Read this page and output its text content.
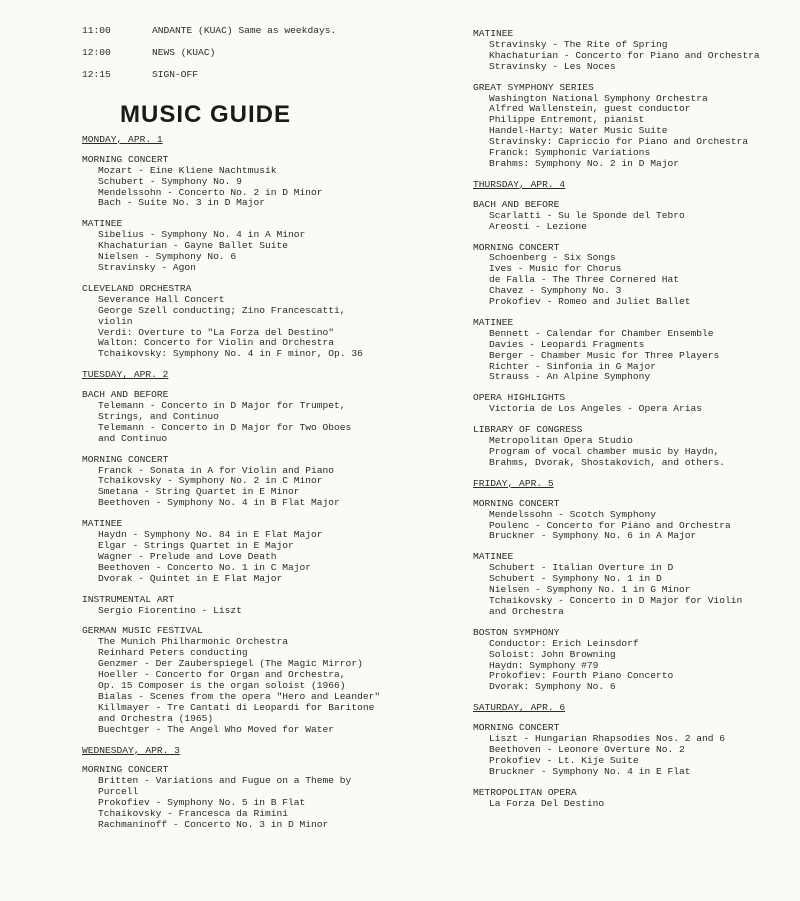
11:00	ANDANTE (KUAC) Same as weekdays.
12:00	NEWS (KUAC)
12:15	SIGN-OFF
MUSIC GUIDE
MONDAY, APR. 1
MORNING CONCERT
Mozart - Eine Kliene Nachtmusik
Schubert - Symphony No. 9
Mendelssohn - Concerto No. 2 in D Minor
Bach - Suite No. 3 in D Major
MATINEE
Sibelius - Symphony No. 4 in A Minor
Khachaturian - Gayne Ballet Suite
Nielsen - Symphony No. 6
Stravinsky - Agon
CLEVELAND ORCHESTRA
Severance Hall Concert
George Szell conducting; Zino Francescatti, violin
Verdi: Overture to "La Forza del Destino"
Walton: Concerto for Violin and Orchestra
Tchaikovsky: Symphony No. 4 in F minor, Op. 36
TUESDAY, APR. 2
BACH AND BEFORE
Telemann - Concerto in D Major for Trumpet,
Strings, and Continuo
Telemann - Concerto in D Major for Two Oboes
and Continuo
MORNING CONCERT
Franck - Sonata in A for Violin and Piano
Tchaikovsky - Symphony No. 2 in C Minor
Smetana - String Quartet in E Minor
Beethoven - Symphony No. 4 in B Flat Major
MATINEE
Haydn - Symphony No. 84 in E Flat Major
Elgar - Strings Quartet in E Major
Wagner - Prelude and Love Death
Beethoven - Concerto No. 1 in C Major
Dvorak - Quintet in E Flat Major
INSTRUMENTAL ART
Sergio Fiorentino - Liszt
GERMAN MUSIC FESTIVAL
The Munich Philharmonic Orchestra
Reinhard Peters conducting
Genzmer - Der Zauberspiegel (The Magic Mirror)
Hoeller - Concerto for Organ and Orchestra,
Op. 15 Composer is the organ soloist (1966)
Bialas - Scenes from the opera "Hero and Leander"
Killmayer - Tre Cantati di Leopardi for Baritone
and Orchestra (1965)
Buechtger - The Angel Who Moved for Water
WEDNESDAY, APR. 3
MORNING CONCERT
Britten - Variations and Fugue on a Theme by
Purcell
Prokofiev - Symphony No. 5 in B Flat
Tchaikovsky - Francesca da Rimini
Rachmaninoff - Concerto No. 3 in D Minor
MATINEE
Stravinsky - The Rite of Spring
Khachaturian - Concerto for Piano and Orchestra
Stravinsky - Les Noces
GREAT SYMPHONY SERIES
Washington National Symphony Orchestra
Alfred Wallenstein, guest conductor
Philippe Entremont, pianist
Handel-Harty: Water Music Suite
Stravinsky: Capriccio for Piano and Orchestra
Franck: Symphonic Variations
Brahms: Symphony No. 2 in D Major
THURSDAY, APR. 4
BACH AND BEFORE
Scarlatti - Su le Sponde del Tebro
Areosti - Lezione
MORNING CONCERT
Schoenberg - Six Songs
Ives - Music for Chorus
de Falla - The Three Cornered Hat
Chavez - Symphony No. 3
Prokofiev - Romeo and Juliet Ballet
MATINEE
Bennett - Calendar for Chamber Ensemble
Davies - Leopardi Fragments
Berger - Chamber Music for Three Players
Richter - Sinfonia in G Major
Strauss - An Alpine Symphony
OPERA HIGHLIGHTS
Victoria de Los Angeles - Opera Arias
LIBRARY OF CONGRESS
Metropolitan Opera Studio
Program of vocal chamber music by Haydn,
Brahms, Dvorak, Shostakovich, and others.
FRIDAY, APR. 5
MORNING CONCERT
Mendelssohn - Scotch Symphony
Poulenc - Concerto for Piano and Orchestra
Bruckner - Symphony No. 6 in A Major
MATINEE
Schubert - Italian Overture in D
Schubert - Symphony No. 1 in D
Nielsen - Symphony No. 1 in G Minor
Tchaikovsky - Concerto in D Major for Violin
and Orchestra
BOSTON SYMPHONY
Conductor: Erich Leinsdorf
Soloist: John Browning
Haydn: Symphony #79
Prokofiev: Fourth Piano Concerto
Dvorak: Symphony No. 6
SATURDAY, APR. 6
MORNING CONCERT
Liszt - Hungarian Rhapsodies Nos. 2 and 6
Beethoven - Leonore Overture No. 2
Prokofiev - Lt. Kije Suite
Bruckner - Symphony No. 4 in E Flat
METROPOLITAN OPERA
La Forza Del Destino
